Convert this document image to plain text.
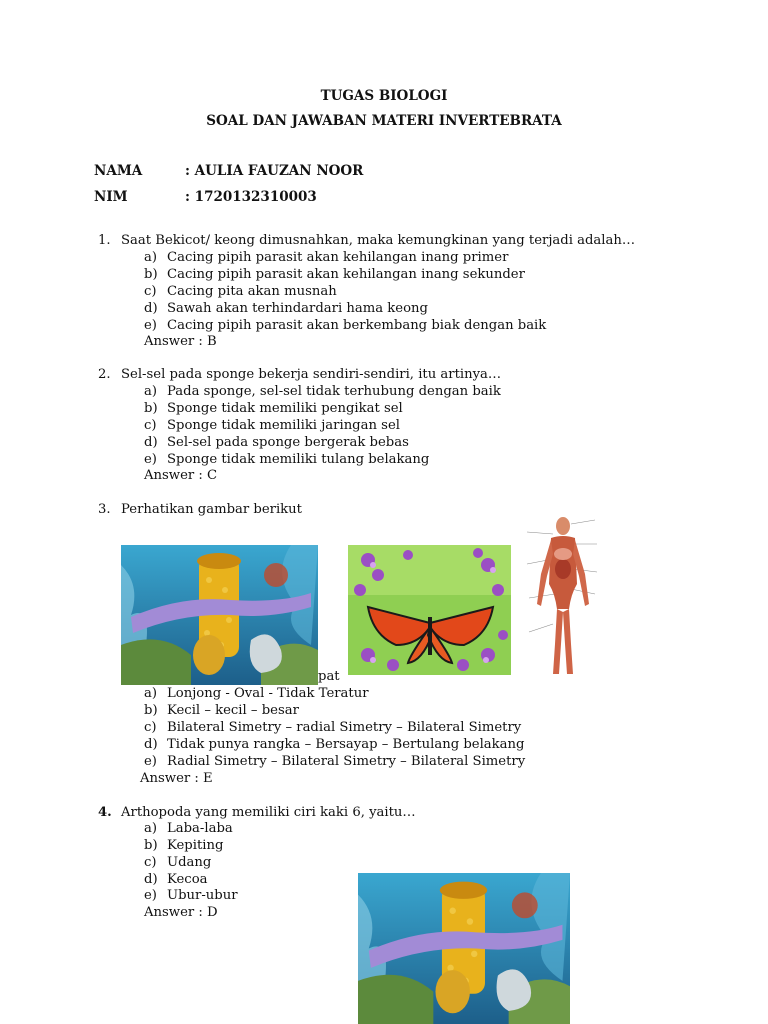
TUGAS BIOLOGI
SOAL DAN JAWABAN MATERI INVERTEBRATA
NAMA	: AULIA FAUZAN NOOR
NIM	: 1720132310003
1. Saat Bekicot/ keong dimusnahkan, maka kemungkinan yang terjadi adalah…
a) Cacing pipih parasit akan kehilangan inang primer
b) Cacing pipih parasit akan kehilangan inang sekunder
c) Cacing pita akan musnah
d) Sawah akan terhindardari hama keong
e) Cacing pipih parasit akan berkembang biak dengan baik
Answer : B
2. Sel-sel pada sponge bekerja sendiri-sendiri, itu artinya…
a) Pada sponge, sel-sel tidak terhubung dengan baik
b) Sponge tidak memiliki pengikat sel
c) Sponge tidak memiliki jaringan sel
d) Sel-sel pada sponge bergerak bebas
e) Sponge tidak memiliki tulang belakang
Answer : C
3. Perhatikan gambar berikut
pat
a) Lonjong - Oval - Tidak Teratur
b) Kecil – kecil – besar
c) Bilateral Simetry – radial Simetry – Bilateral Simetry
d) Tidak punya rangka – Bersayap – Bertulang belakang
e) Radial Simetry – Bilateral Simetry – Bilateral Simetry
Answer : E
4. Arthopoda yang memiliki ciri kaki 6, yaitu…
a) Laba-laba
b) Kepiting
c) Udang
d) Kecoa
e) Ubur-ubur
Answer : D
